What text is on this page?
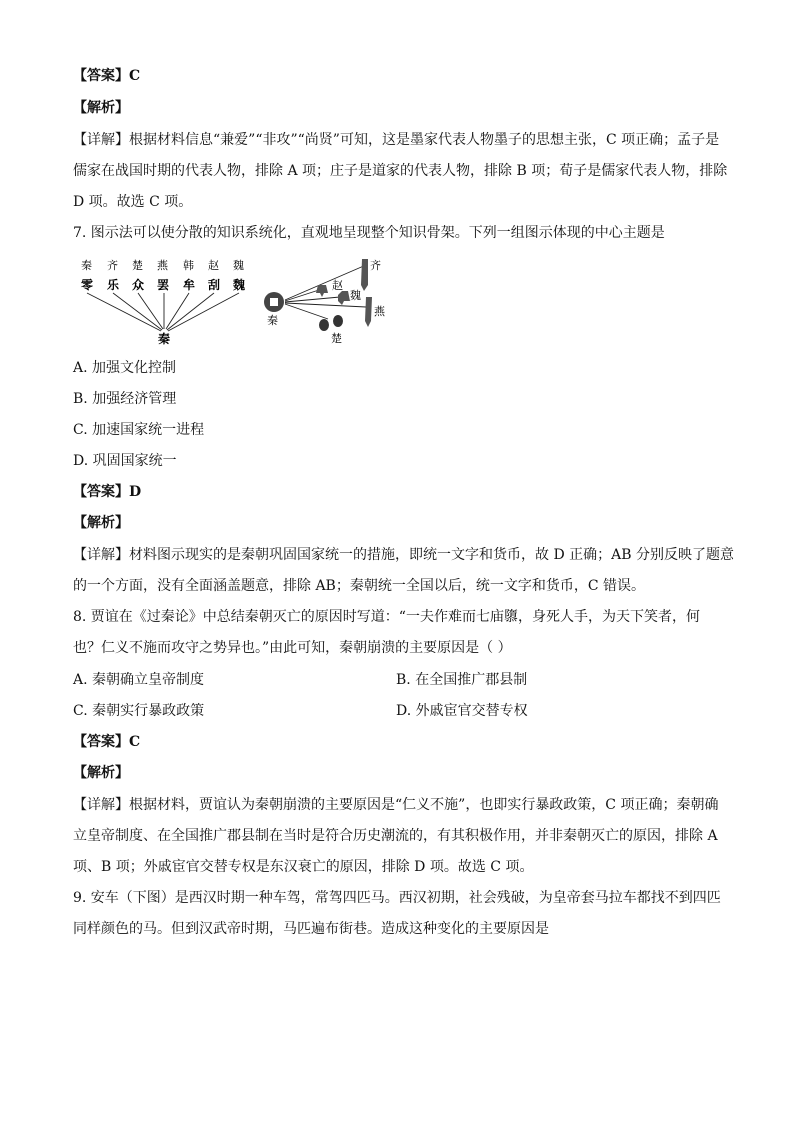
【答案】C
【解析】
【详解】根据材料信息“兼爱”“非攻”“尚贤”可知，这是墨家代表人物墨子的思想主张，C 项正确；孟子是
儒家在战国时期的代表人物，排除 A 项；庄子是道家的代表人物，排除 B 项；荀子是儒家代表人物，排除
D 项。故选 C 项。
7. 图示法可以使分散的知识系统化，直观地呈现整个知识骨架。下列一组图示体现的中心主题是
秦 齐 楚 燕 韩 赵 魏
零 乐 众 罢 牟 刮 魏
秦
秦
齐
赵
魏
燕
楚
A. 加强文化控制
B. 加强经济管理
C. 加速国家统一进程
D. 巩固国家统一
【答案】D
【解析】
【详解】材料图示现实的是秦朝巩固国家统一的措施，即统一文字和货币，故 D 正确；AB 分别反映了题意
的一个方面，没有全面涵盖题意，排除 AB；秦朝统一全国以后，统一文字和货币，C 错误。
8. 贾谊在《过秦论》中总结秦朝灭亡的原因时写道：“一夫作难而七庙隳，身死人手，为天下笑者，何
也？仁义不施而攻守之势异也。”由此可知，秦朝崩溃的主要原因是（ ）
A. 秦朝确立皇帝制度	B. 在全国推广郡县制
C. 秦朝实行暴政政策	D. 外戚宦官交替专权
【答案】C
【解析】
【详解】根据材料，贾谊认为秦朝崩溃的主要原因是“仁义不施”，也即实行暴政政策，C 项正确；秦朝确
立皇帝制度、在全国推广郡县制在当时是符合历史潮流的，有其积极作用，并非秦朝灭亡的原因，排除 A
项、B 项；外戚宦官交替专权是东汉衰亡的原因，排除 D 项。故选 C 项。
9. 安车（下图）是西汉时期一种车驾，常驾四匹马。西汉初期，社会残破，为皇帝套马拉车都找不到四匹
同样颜色的马。但到汉武帝时期，马匹遍布街巷。造成这种变化的主要原因是
